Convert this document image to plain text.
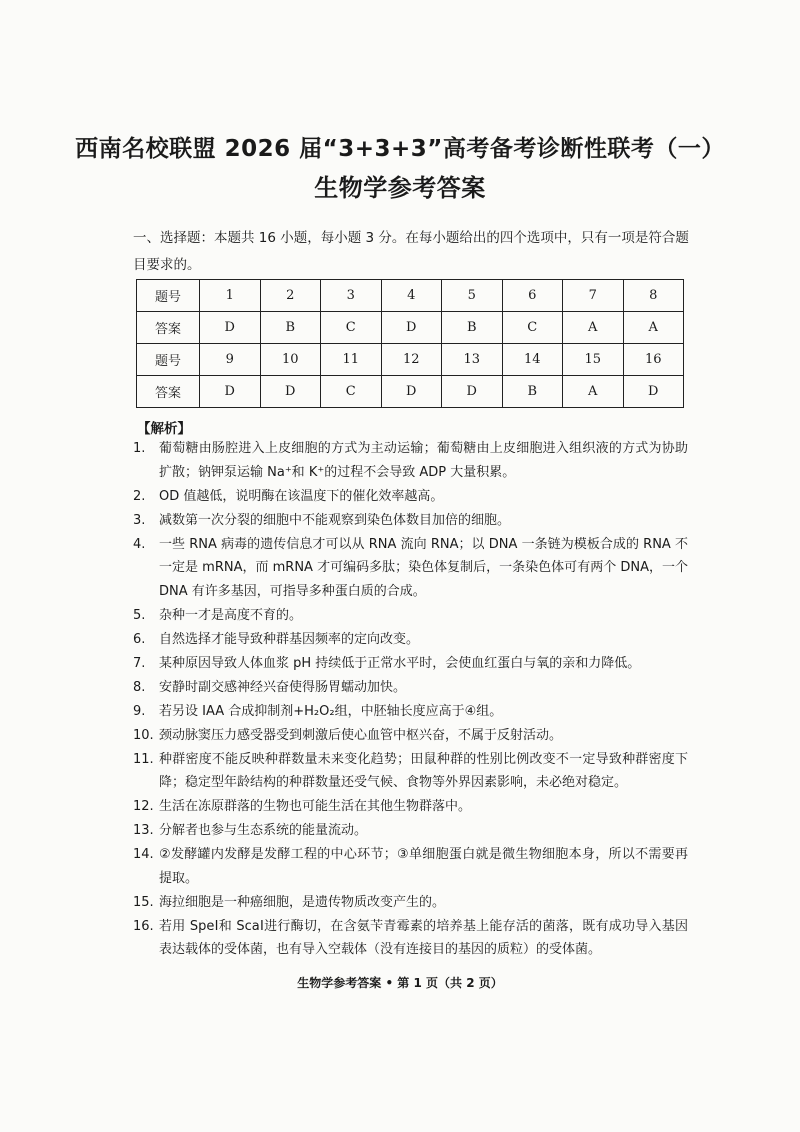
西南名校联盟 2026 届“3+3+3”高考备考诊断性联考（一）
生物学参考答案
一、选择题：本题共 16 小题，每小题 3 分。在每小题给出的四个选项中，只有一项是符合题目要求的。
题号	1	2	3	4	5	6	7	8
答案	D	B	C	D	B	C	A	A
题号	9	10	11	12	13	14	15	16
答案	D	D	C	D	D	B	A	D
【解析】
1.	葡萄糖由肠腔进入上皮细胞的方式为主动运输；葡萄糖由上皮细胞进入组织液的方式为协助扩散；钠钾泵运输 Na⁺和 K⁺的过程不会导致 ADP 大量积累。
2.	OD 值越低，说明酶在该温度下的催化效率越高。
3.	减数第一次分裂的细胞中不能观察到染色体数目加倍的细胞。
4.	一些 RNA 病毒的遗传信息才可以从 RNA 流向 RNA；以 DNA 一条链为模板合成的 RNA 不一定是 mRNA，而 mRNA 才可编码多肽；染色体复制后，一条染色体可有两个 DNA，一个 DNA 有许多基因，可指导多种蛋白质的合成。
5.	杂种一才是高度不育的。
6.	自然选择才能导致种群基因频率的定向改变。
7.	某种原因导致人体血浆 pH 持续低于正常水平时，会使血红蛋白与氧的亲和力降低。
8.	安静时副交感神经兴奋使得肠胃蠕动加快。
9.	若另设 IAA 合成抑制剂+H₂O₂组，中胚轴长度应高于④组。
10. 颈动脉窦压力感受器受到刺激后使心血管中枢兴奋，不属于反射活动。
11. 种群密度不能反映种群数量未来变化趋势；田鼠种群的性别比例改变不一定导致种群密度下降；稳定型年龄结构的种群数量还受气候、食物等外界因素影响，未必绝对稳定。
12. 生活在冻原群落的生物也可能生活在其他生物群落中。
13. 分解者也参与生态系统的能量流动。
14. ②发酵罐内发酵是发酵工程的中心环节；③单细胞蛋白就是微生物细胞本身，所以不需要再提取。
15. 海拉细胞是一种癌细胞，是遗传物质改变产生的。
16. 若用 SpeⅠ和 ScaⅠ进行酶切，在含氨苄青霉素的培养基上能存活的菌落，既有成功导入基因表达载体的受体菌，也有导入空载体（没有连接目的基因的质粒）的受体菌。
生物学参考答案 • 第 1 页（共 2 页）
